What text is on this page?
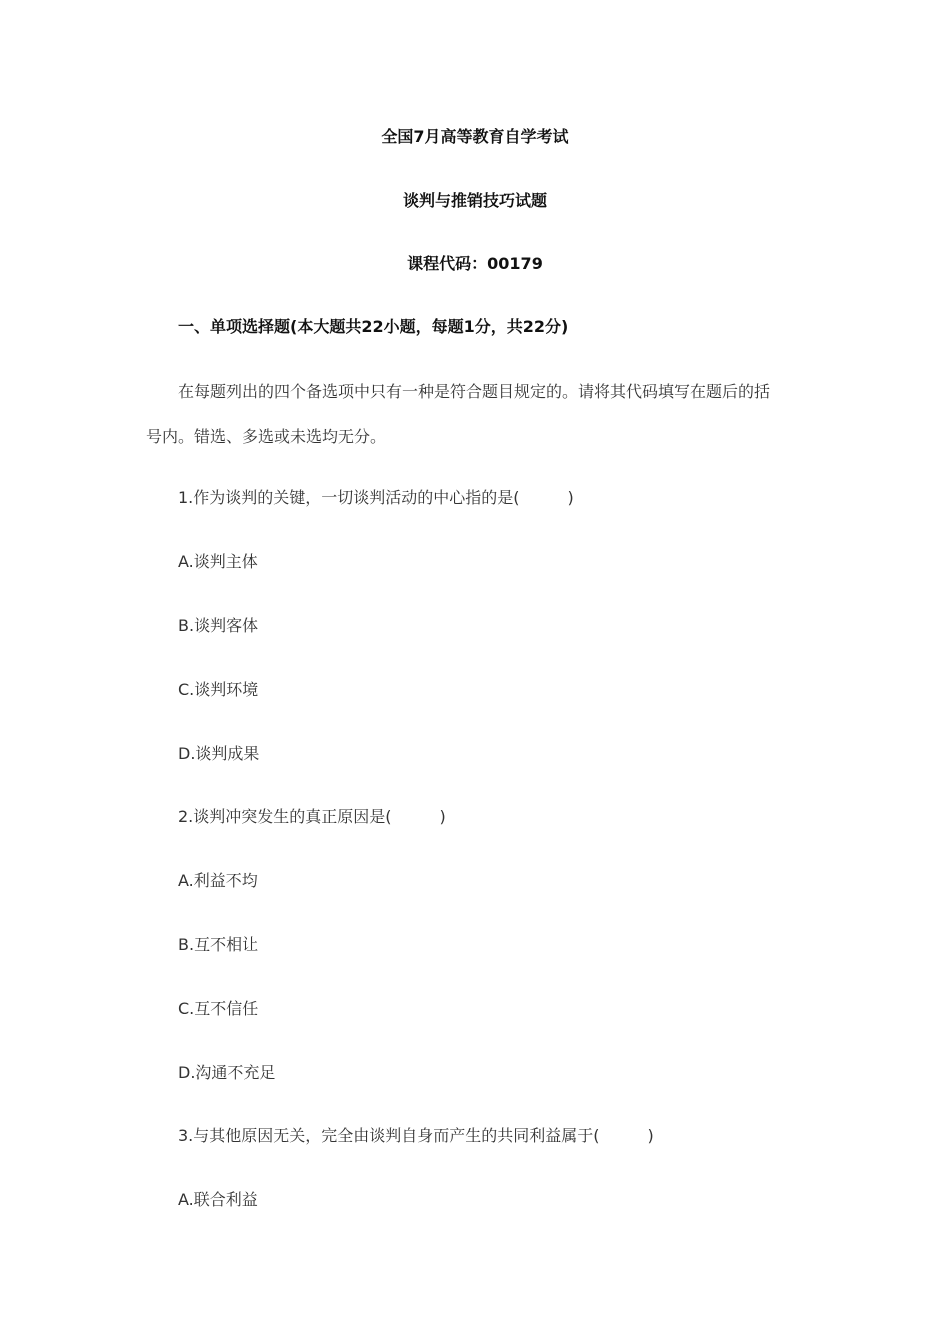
全国7月高等教育自学考试
谈判与推销技巧试题
课程代码：00179
一、单项选择题(本大题共22小题，每题1分，共22分)
在每题列出的四个备选项中只有一种是符合题目规定的。请将其代码填写在题后的括
号内。错选、多选或未选均无分。
1.作为谈判的关键，一切谈判活动的中心指的是(　　　)
A.谈判主体
B.谈判客体
C.谈判环境
D.谈判成果
2.谈判冲突发生的真正原因是(　　　)
A.利益不均
B.互不相让
C.互不信任
D.沟通不充足
3.与其他原因无关，完全由谈判自身而产生的共同利益属于(　　　)
A.联合利益
